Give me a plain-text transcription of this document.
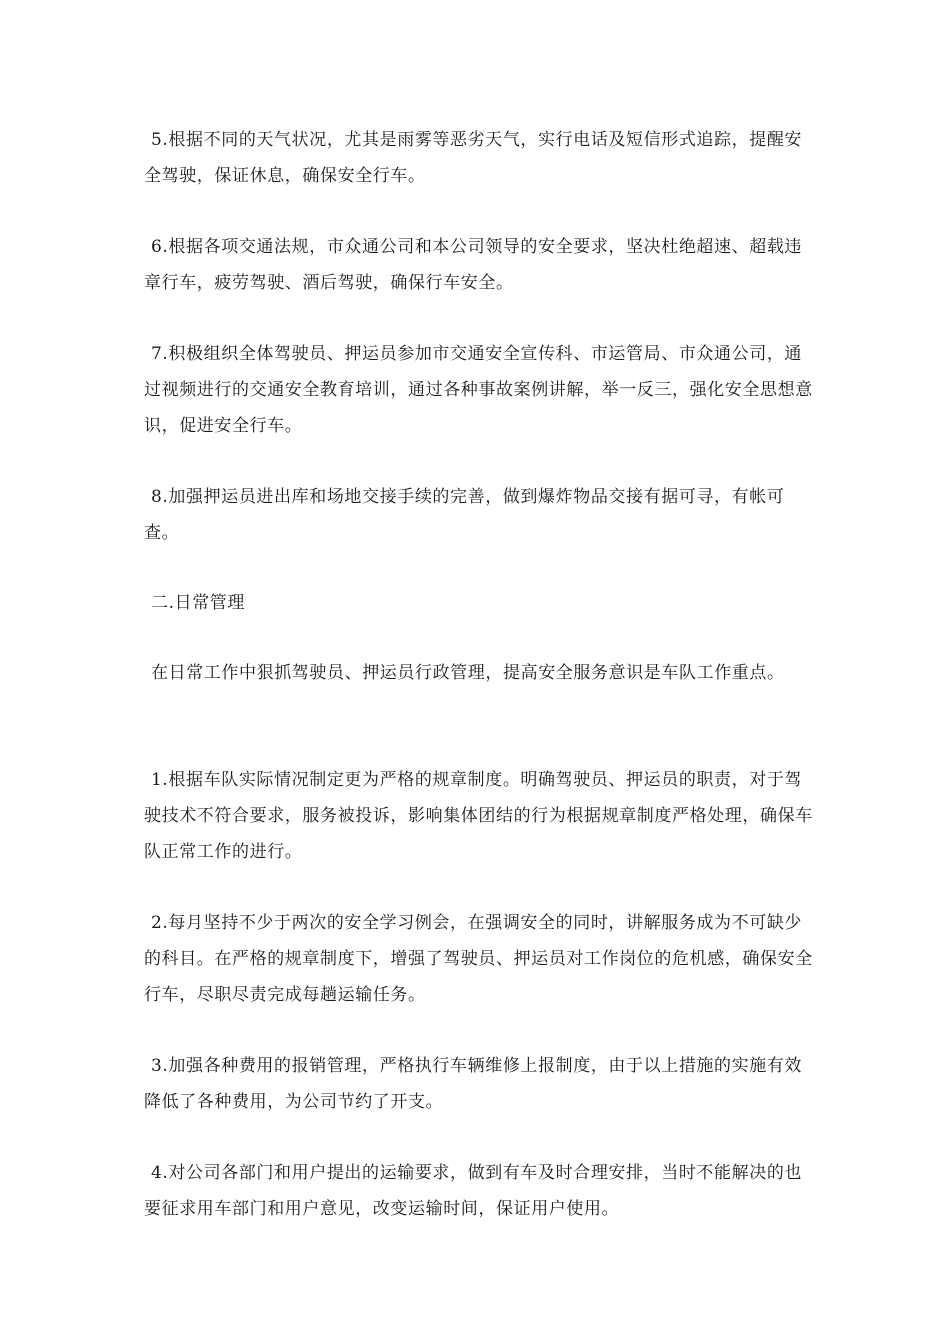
5.根据不同的天气状况，尤其是雨雾等恶劣天气，实行电话及短信形式追踪，提醒安全驾驶，保证休息，确保安全行车。

6.根据各项交通法规，市众通公司和本公司领导的安全要求，坚决杜绝超速、超载违章行车，疲劳驾驶、酒后驾驶，确保行车安全。

7.积极组织全体驾驶员、押运员参加市交通安全宣传科、市运管局、市众通公司，通过视频进行的交通安全教育培训，通过各种事故案例讲解，举一反三，强化安全思想意识，促进安全行车。

8.加强押运员进出库和场地交接手续的完善，做到爆炸物品交接有据可寻，有帐可查。

二.日常管理

在日常工作中狠抓驾驶员、押运员行政管理，提高安全服务意识是车队工作重点。

1.根据车队实际情况制定更为严格的规章制度。明确驾驶员、押运员的职责，对于驾驶技术不符合要求，服务被投诉，影响集体团结的行为根据规章制度严格处理，确保车队正常工作的进行。

2.每月坚持不少于两次的安全学习例会，在强调安全的同时，讲解服务成为不可缺少的科目。在严格的规章制度下，增强了驾驶员、押运员对工作岗位的危机感，确保安全行车，尽职尽责完成每趟运输任务。

3.加强各种费用的报销管理，严格执行车辆维修上报制度，由于以上措施的实施有效降低了各种费用，为公司节约了开支。

4.对公司各部门和用户提出的运输要求，做到有车及时合理安排，当时不能解决的也要征求用车部门和用户意见，改变运输时间，保证用户使用。
